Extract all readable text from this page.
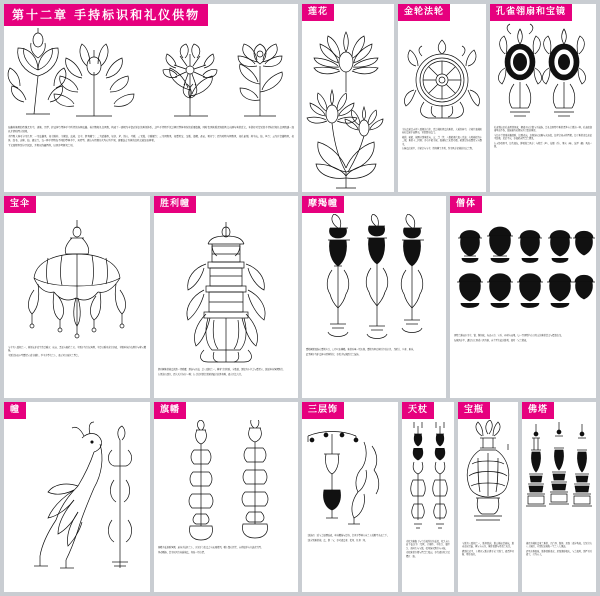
第十二章 手持标识和礼仪供物

在藏传佛教的造像艺术中，诸佛、菩萨、护法神等尊神手中所持的各种法器、标识物和礼仪供物，构成了一套极为丰富而复杂的象征体系。这些手持物不仅是辨识尊神身份的重要依据，同时也承载着深刻的教义内涵与象征意义。本章将对常见的手持标识和礼仪供物逐一加以介绍和图示说明。

手持物大体可分为几类：一为法器类，如金刚杵、金刚铃、法轮、宝伞、胜利幢等；二为武器类，如剑、斧、钺刀、弓箭、三叉戟、金刚橛等；三为供物类，如摩尼宝、宝瓶、海螺、莲花、果实等；四为动物与植物类，如孔雀翎、羚羊皮、蛇、鱼等；五为日常器物类，如钵、经书、念珠、镜、拂尘等。每一种手持物在不同的尊神手中，其造型、颜色与持握方式均有所不同，需要结合具体的仪轨文献加以辨析。

下文按照类别分节叙述，并附以线描图样，以供参考研究之用。

莲花	金轮法轮

金色法轮是吉祥八瑞相的首位，也是佛陀教法的象征。大乘经典中，金轮代表佛陀初转法轮于鹿野苑，宣说四谛法门。

轮毂、轮辐、轮圈分别象征戒、定、慧三学；八根辐条代表八正道；有时轮辐为十二根，象征十二因缘；亦有千辐金轮，表佛陀之无量功德。轮顶常饰以摩尼宝与飘带。

在修法仪轨中，金轮常与宝伞、胜利幢等并列，作为供养诸佛的礼仪之物。

孔雀翎扇和宝镜

孔雀翎扇由孔雀尾羽制成，柄部多以金银宝石装饰，是礼仪供物中象征清净与美德的一种。孔雀能食毒草而不伤，故被喻为转烦恼为菩提的象征。

宝镜多呈圆形或椭圆形，镜面光洁，边缘饰以莲瓣与火焰纹，镜背常刻吉祥图案。镜子象征诸法如镜中影像，虚幻不实，亦表般若智慧之照见。

在五妙欲供中，镜代表色，即视觉之供养；与琵琶（声）、海螺（香）、果实（味）、绫罗（触）共成一组。

宝伞

宝伞为八瑞相之一，象征庇护众生免受痛苦、疾病、恶灵与障碍之苦。伞面多为白色丝绸，伞骨以檀木或金制成，伞檐垂挂彩色绸带与珠宝璎珞。

伞顶常饰以小型摩尼宝或金刚杵。举伞于尊者之上，表示对其地位之尊崇。

胜利幢

胜利幢象征佛法战胜一切邪魔、烦恼与外道，是八瑞相之一。幢身呈圆柱形，分数层，顶端为小伞盖与摩尼宝，层层垂挂丝绸飘带。

在须弥山四方，四大天王各持一幢；在寺院屋顶常见铜制镀金的胜利幢，表示正法久住。

摩羯幢

摩羯幢顶端饰有摩羯鱼头，口中吐出幢幡，象征吞噬一切违缘。摩羯为印度神话中的水兽，具鳄首、鱼身、象鼻。

此类幢多为护法神与财神所持，亦见于坛城四门之装饰。

僧体

供物之器皿多为金、银、铜制成，内盛五谷、宝石、药材与花果。每一件供物皆有其特定的象征意义与摆放次第。

坛城供养中，通常以七供或八供为准，自左至右依次排列，表对三宝之敬献。

幢	旗幡

旗幡为长条形丝绸，悬挂于长杆之上，多见于寺院法会与坛城周围。幡上绘有经咒、吉祥纹样与六道众生图。

风动幡扬，意为以风力传播佛法，利益一切有情。

三层饰

三层饰由三重宝盖层叠而成，垂挂璎珞与铃铛，常置于尊神宝座之上或殿堂天花之下。

三层分别象征佛、法、僧三宝，亦可表法身、报身、化身三身。

天杖

天杖为瑜伽士与空行母所持的长杖，杖头自上而下依次为三叉戟、金刚杵、干枯头、腐烂头、新鲜头与宝瓶，杖身饰以飘带与小鼓。

天杖象征方便与智慧之双运，亦代表持杖者已降伏三毒。

宝瓶

宝瓶为八瑞相之一，瓶身圆满，瓶口插如意树枝，瓶内盛满甘露、珠宝与五谷，象征福德与寿命之无尽。

灌顶仪式中，上师以宝瓶水灌于弟子顶门，表清净业障、赐予加持。

佛塔

佛塔为佛陀法身之象征，由台基、瓶体、塔刹三部分构成。常见者有八大佛塔，分别纪念佛陀一生之八大事迹。

塔基方形表地，瓶体圆形表水，塔刹锥形表火，宝盖表风，顶严日月表空，合为五大。
